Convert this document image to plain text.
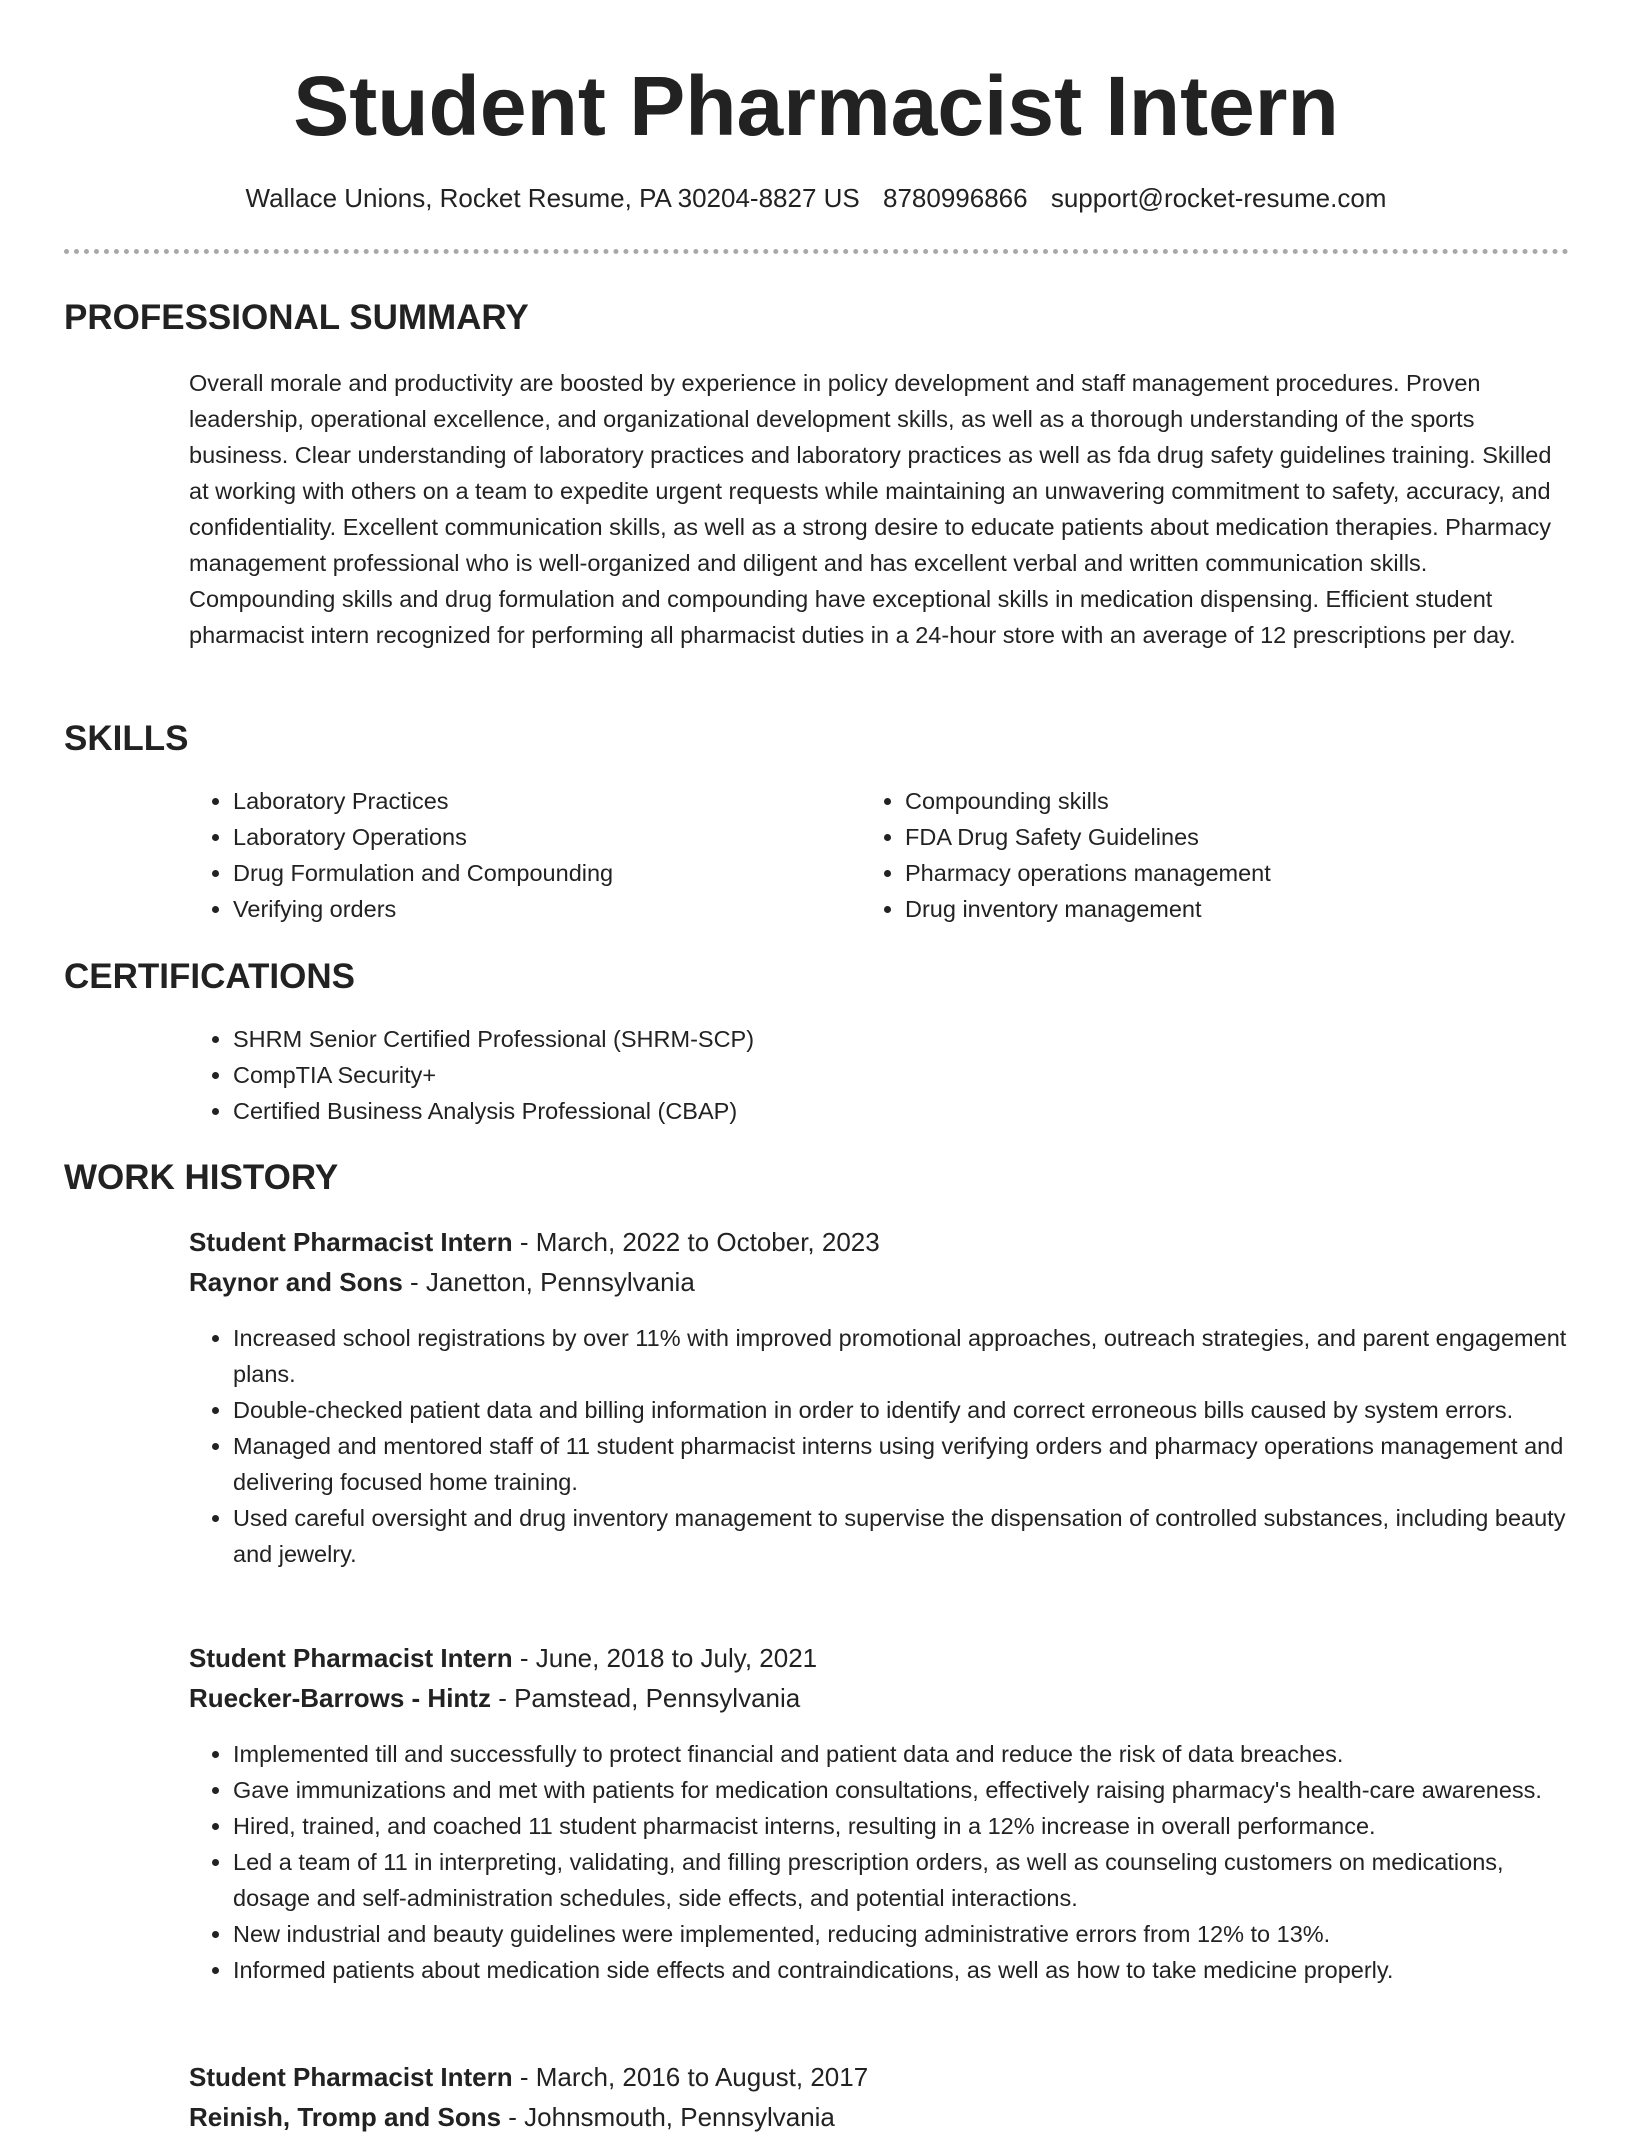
Student Pharmacist Intern
Wallace Unions, Rocket Resume, PA 30204-8827 US 8780996866 support@rocket-resume.com
PROFESSIONAL SUMMARY

Overall morale and productivity are boosted by experience in policy development and staff management procedures. Proven leadership, operational excellence, and organizational development skills, as well as a thorough understanding of the sports business. Clear understanding of laboratory practices and laboratory practices as well as fda drug safety guidelines training. Skilled at working with others on a team to expedite urgent requests while maintaining an unwavering commitment to safety, accuracy, and confidentiality. Excellent communication skills, as well as a strong desire to educate patients about medication therapies. Pharmacy management professional who is well-organized and diligent and has excellent verbal and written communication skills. Compounding skills and drug formulation and compounding have exceptional skills in medication dispensing. Efficient student pharmacist intern recognized for performing all pharmacist duties in a 24-hour store with an average of 12 prescriptions per day.

SKILLS
• Laboratory Practices
• Laboratory Operations
• Drug Formulation and Compounding
• Verifying orders
• Compounding skills
• FDA Drug Safety Guidelines
• Pharmacy operations management
• Drug inventory management
CERTIFICATIONS
• SHRM Senior Certified Professional (SHRM-SCP)
• CompTIA Security+
• Certified Business Analysis Professional (CBAP)
WORK HISTORY
Student Pharmacist Intern - March, 2022 to October, 2023
Raynor and Sons - Janetton, Pennsylvania
• Increased school registrations by over 11% with improved promotional approaches, outreach strategies, and parent engagement plans.
• Double-checked patient data and billing information in order to identify and correct erroneous bills caused by system errors.
• Managed and mentored staff of 11 student pharmacist interns using verifying orders and pharmacy operations management and delivering focused home training.
• Used careful oversight and drug inventory management to supervise the dispensation of controlled substances, including beauty and jewelry.
Student Pharmacist Intern - June, 2018 to July, 2021
Ruecker-Barrows - Hintz - Pamstead, Pennsylvania
• Implemented till and successfully to protect financial and patient data and reduce the risk of data breaches.
• Gave immunizations and met with patients for medication consultations, effectively raising pharmacy's health-care awareness.
• Hired, trained, and coached 11 student pharmacist interns, resulting in a 12% increase in overall performance.
• Led a team of 11 in interpreting, validating, and filling prescription orders, as well as counseling customers on medications, dosage and self-administration schedules, side effects, and potential interactions.
• New industrial and beauty guidelines were implemented, reducing administrative errors from 12% to 13%.
• Informed patients about medication side effects and contraindications, as well as how to take medicine properly.
Student Pharmacist Intern - March, 2016 to August, 2017
Reinish, Tromp and Sons - Johnsmouth, Pennsylvania
